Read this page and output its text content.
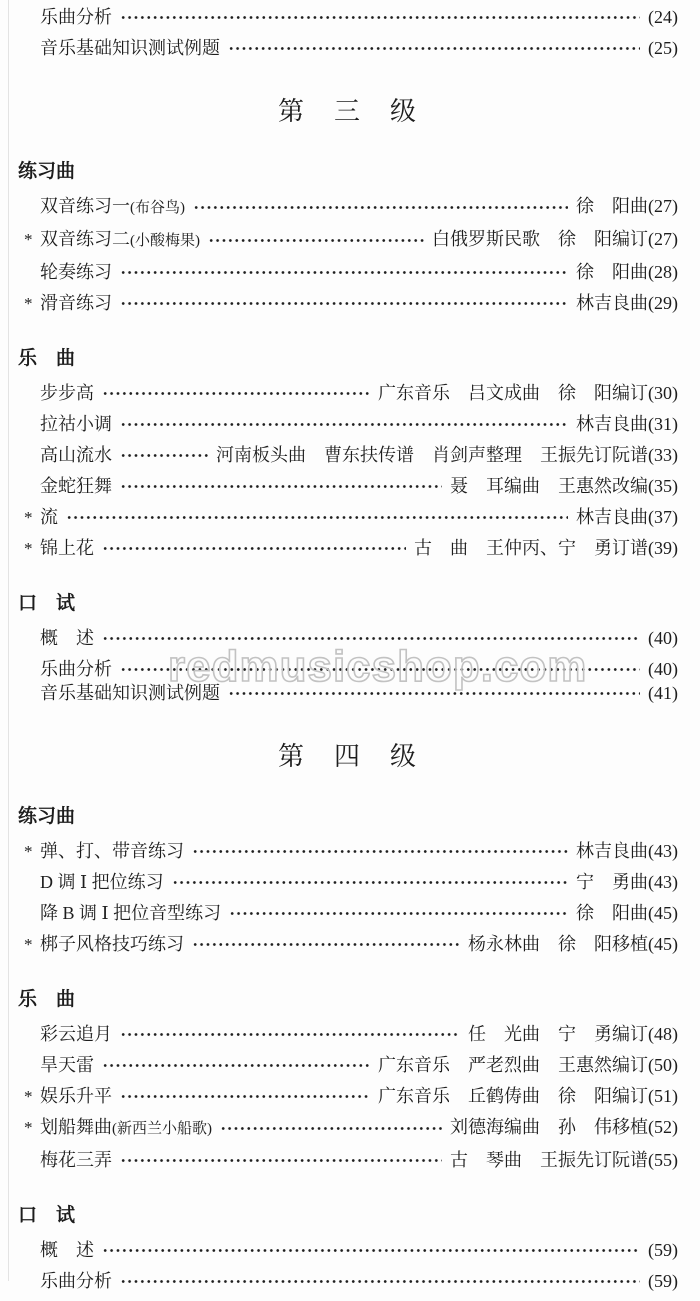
乐曲分析	(24)
音乐基础知识测试例题	(25)
第　三　级
练习曲
双音练习一 (布谷鸟)	徐　阳曲 (27)
* 双音练习二 (小酸梅果)	白俄罗斯民歌　徐　阳编订 (27)
轮奏练习	徐　阳曲 (28)
* 滑音练习	林吉良曲 (29)
乐　曲
步步高	广东音乐　吕文成曲　徐　阳编订 (30)
拉祜小调	林吉良曲 (31)
高山流水	河南板头曲　曹东扶传谱　肖剑声整理　王振先订阮谱 (33)
金蛇狂舞	聂　耳编曲　王惠然改编 (35)
* 流	林吉良曲 (37)
* 锦上花	古　曲　王仲丙、宁　勇订谱 (39)
口　试
概　述	(40)
乐曲分析	(40)
音乐基础知识测试例题	(41)
第　四　级
练习曲
* 弹、打、带音练习	林吉良曲 (43)
D 调 Ⅰ 把位练习	宁　勇曲 (43)
降 B 调 Ⅰ 把位音型练习	徐　阳曲 (45)
* 梆子风格技巧练习	杨永林曲　徐　阳移植 (45)
乐　曲
彩云追月	任　光曲　宁　勇编订 (48)
旱天雷	广东音乐　严老烈曲　王惠然编订 (50)
* 娱乐升平	广东音乐　丘鹤俦曲　徐　阳编订 (51)
* 划船舞曲 (新西兰小船歌)	刘德海编曲　孙　伟移植 (52)
梅花三弄	古　琴曲　王振先订阮谱 (55)
口　试
概　述	(59)
乐曲分析	(59)
redmusicshop.com
